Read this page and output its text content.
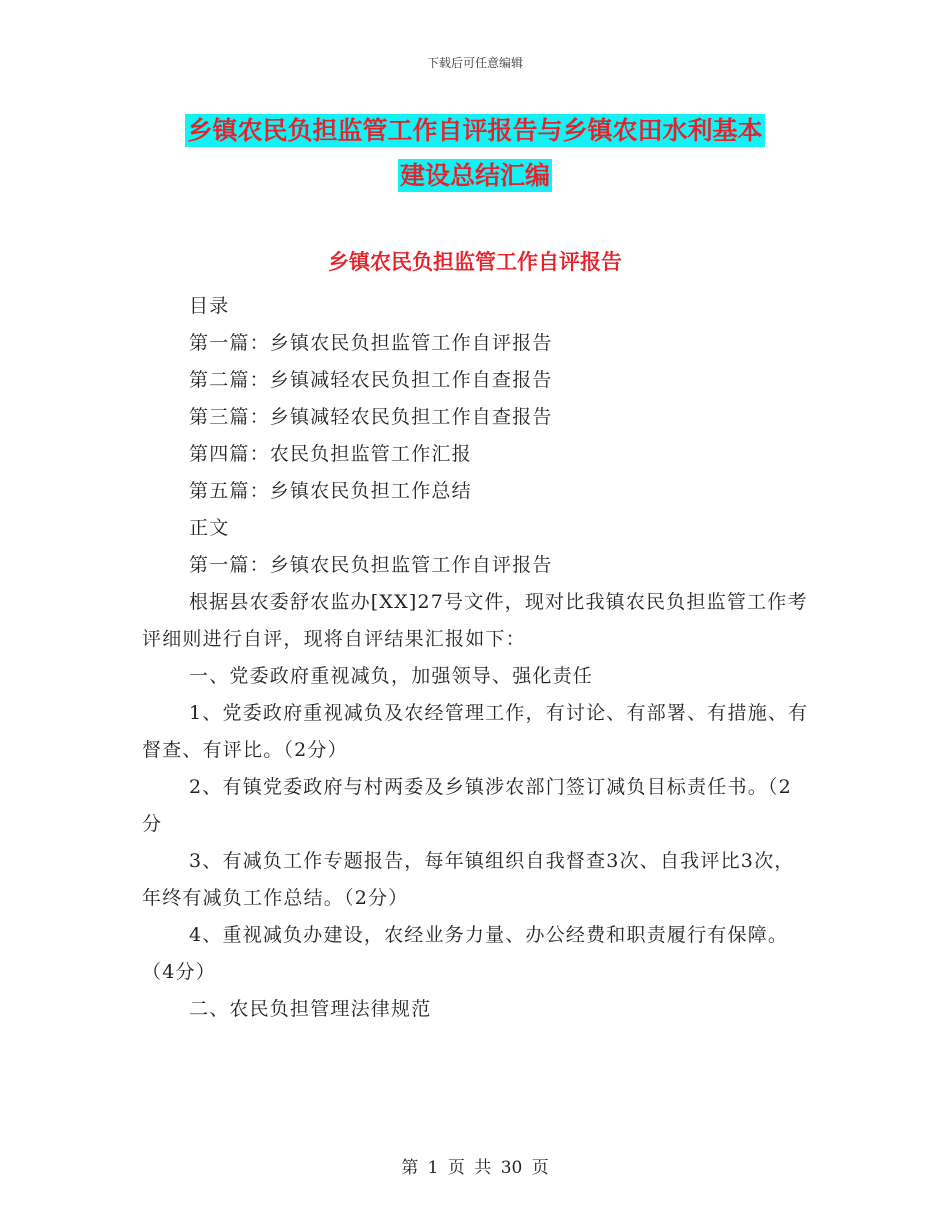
下载后可任意编辑
乡镇农民负担监管工作自评报告与乡镇农田水利基本
建设总结汇编
乡镇农民负担监管工作自评报告

目录

第一篇：乡镇农民负担监管工作自评报告

第二篇：乡镇减轻农民负担工作自查报告

第三篇：乡镇减轻农民负担工作自查报告

第四篇：农民负担监管工作汇报

第五篇：乡镇农民负担工作总结

正文

第一篇：乡镇农民负担监管工作自评报告

根据县农委舒农监办[XX]27号文件，现对比我镇农民负担监管工作考评细则进行自评，现将自评结果汇报如下：

一、党委政府重视减负，加强领导、强化责任

1、党委政府重视减负及农经管理工作，有讨论、有部署、有措施、有督查、有评比。（2分）

2、有镇党委政府与村两委及乡镇涉农部门签订减负目标责任书。（2分

3、有减负工作专题报告，每年镇组织自我督查3次、自我评比3次，年终有减负工作总结。（2分）

4、重视减负办建设，农经业务力量、办公经费和职责履行有保障。（4分）

二、农民负担管理法律规范

第 1 页 共 30 页
